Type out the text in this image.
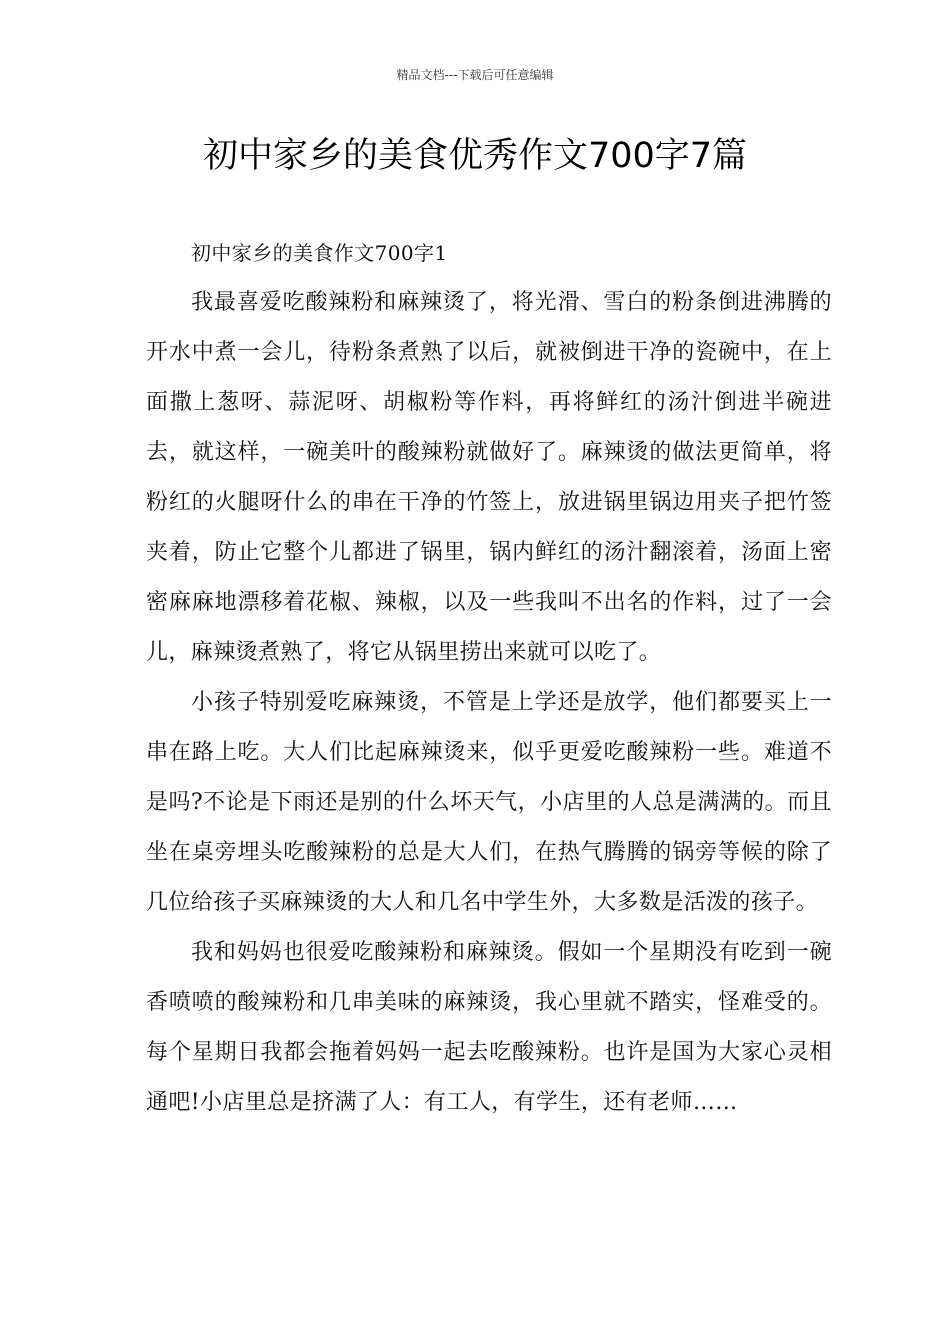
精品文档---下载后可任意编辑
初中家乡的美食优秀作文700字7篇

初中家乡的美食作文700字1

我最喜爱吃酸辣粉和麻辣烫了，将光滑、雪白的粉条倒进沸腾的开水中煮一会儿，待粉条煮熟了以后，就被倒进干净的瓷碗中，在上面撒上葱呀、蒜泥呀、胡椒粉等作料，再将鲜红的汤汁倒进半碗进去，就这样，一碗美叶的酸辣粉就做好了。麻辣烫的做法更简单，将粉红的火腿呀什么的串在干净的竹签上，放进锅里锅边用夹子把竹签夹着，防止它整个儿都进了锅里，锅内鲜红的汤汁翻滚着，汤面上密密麻麻地漂移着花椒、辣椒，以及一些我叫不出名的作料，过了一会儿，麻辣烫煮熟了，将它从锅里捞出来就可以吃了。

小孩子特别爱吃麻辣烫，不管是上学还是放学，他们都要买上一串在路上吃。大人们比起麻辣烫来，似乎更爱吃酸辣粉一些。难道不是吗?不论是下雨还是别的什么坏天气，小店里的人总是满满的。而且坐在桌旁埋头吃酸辣粉的总是大人们，在热气腾腾的锅旁等候的除了几位给孩子买麻辣烫的大人和几名中学生外，大多数是活泼的孩子。

我和妈妈也很爱吃酸辣粉和麻辣烫。假如一个星期没有吃到一碗香喷喷的酸辣粉和几串美味的麻辣烫，我心里就不踏实，怪难受的。每个星期日我都会拖着妈妈一起去吃酸辣粉。也许是国为大家心灵相通吧!小店里总是挤满了人：有工人，有学生，还有老师……
